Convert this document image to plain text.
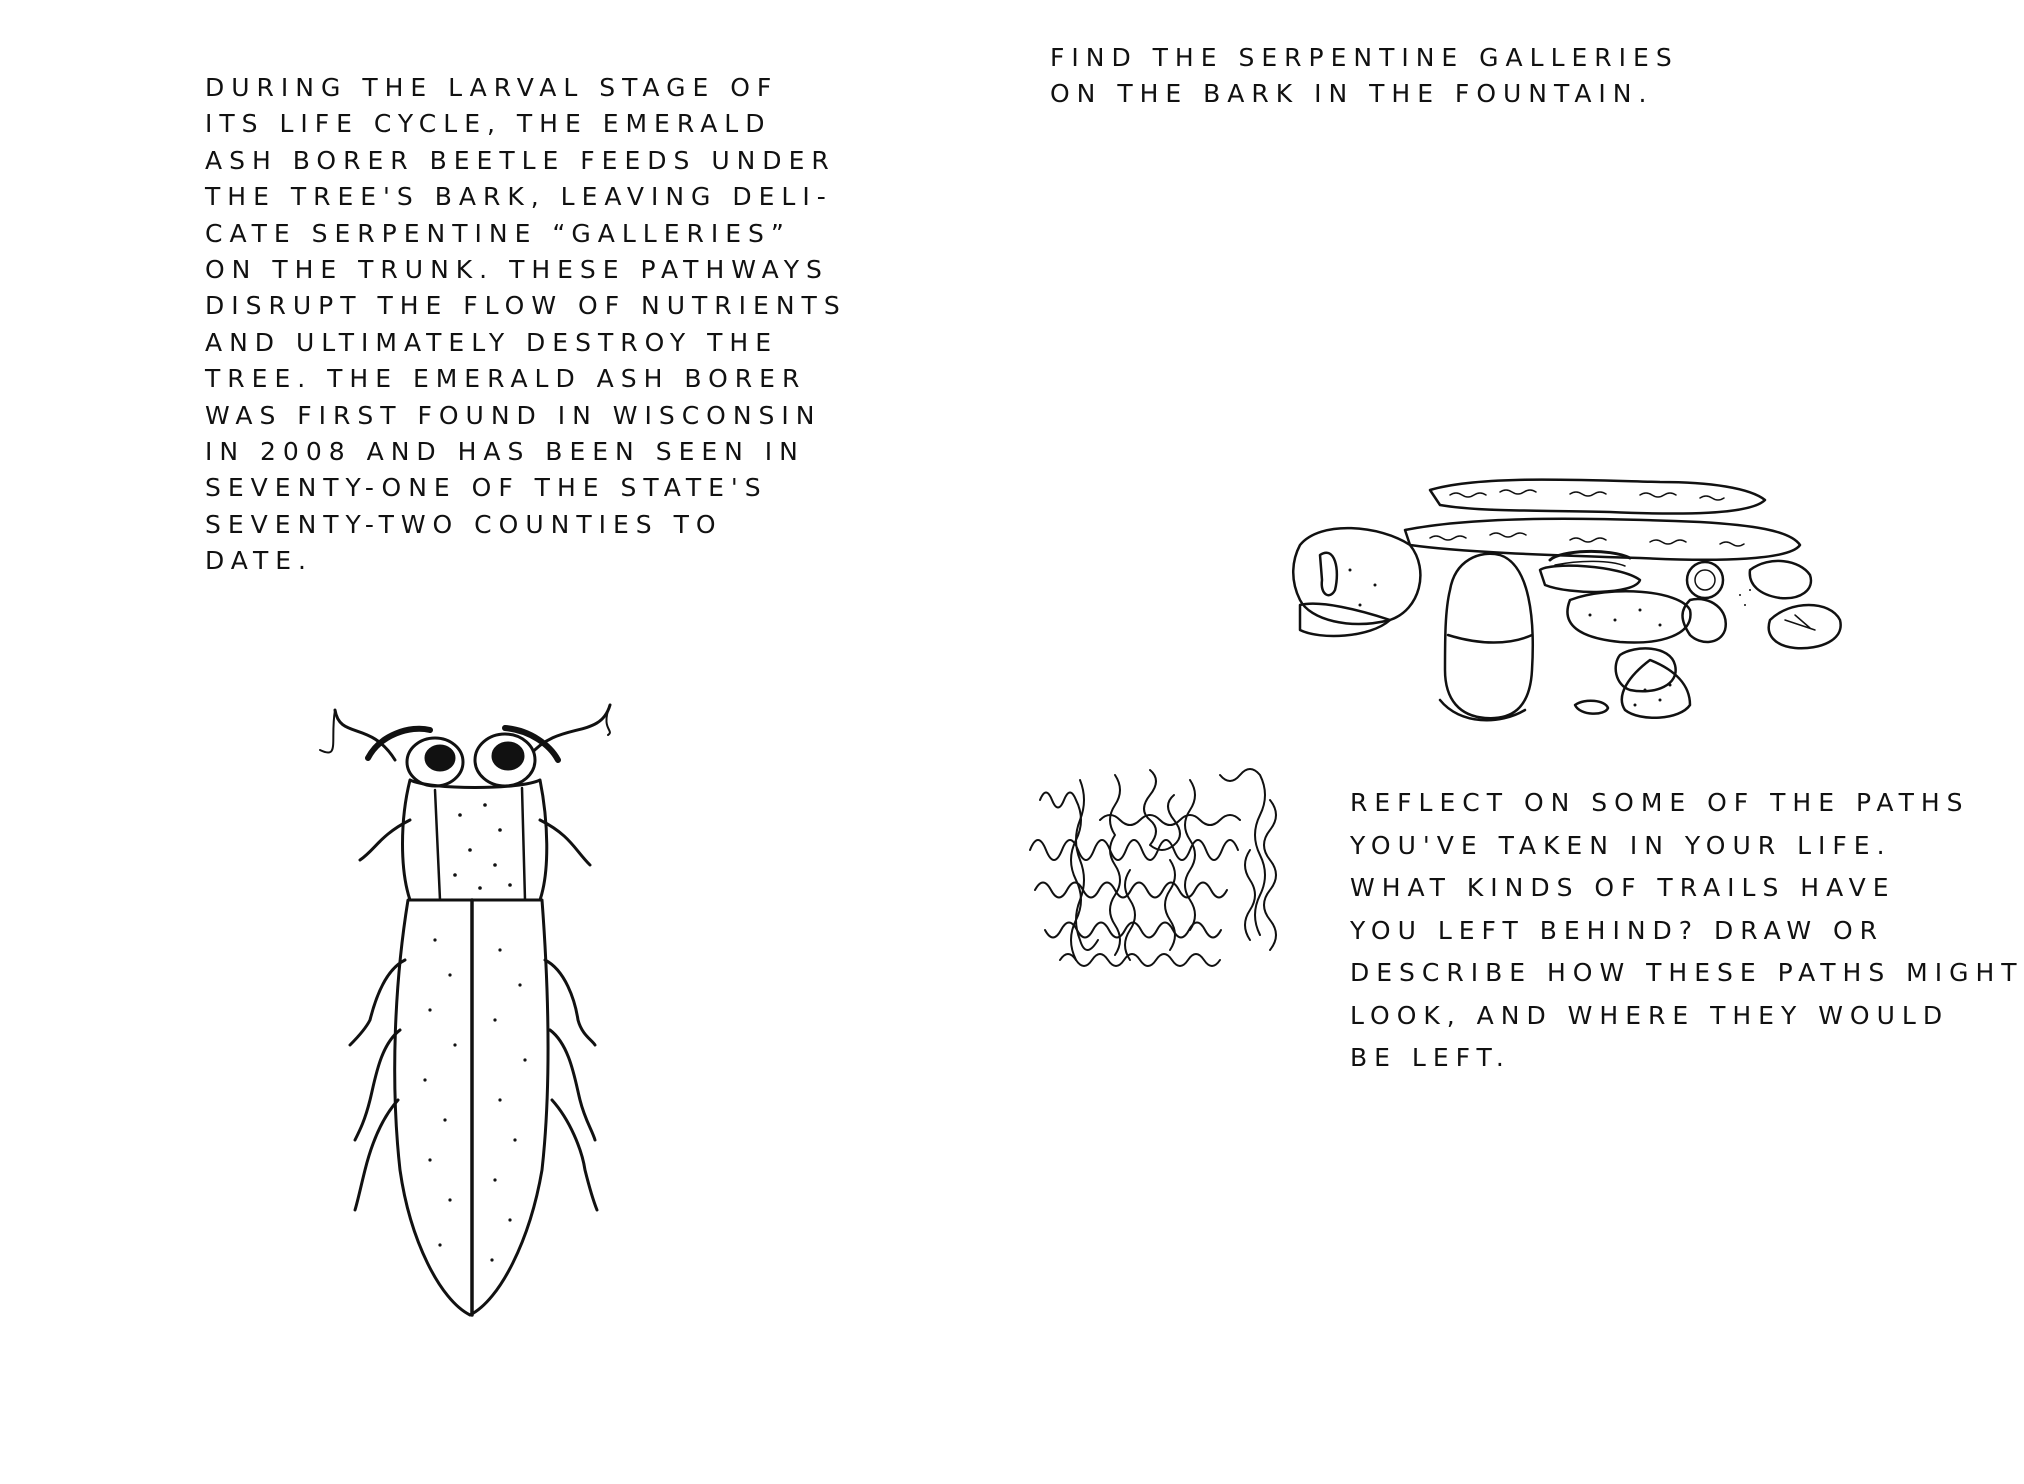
DURING THE LARVAL STAGE OF
ITS LIFE CYCLE, THE EMERALD
ASH BORER BEETLE FEEDS UNDER
THE TREE'S BARK, LEAVING DELI-
CATE SERPENTINE “GALLERIES”
ON THE TRUNK. THESE PATHWAYS
DISRUPT THE FLOW OF NUTRIENTS
AND ULTIMATELY DESTROY THE
TREE. THE EMERALD ASH BORER
WAS FIRST FOUND IN WISCONSIN
IN 2008 AND HAS BEEN SEEN IN
SEVENTY-ONE OF THE STATE'S
SEVENTY-TWO COUNTIES TO
DATE.
FIND THE SERPENTINE GALLERIES
ON THE BARK IN THE FOUNTAIN.
REFLECT ON SOME OF THE PATHS
YOU'VE TAKEN IN YOUR LIFE.
WHAT KINDS OF TRAILS HAVE
YOU LEFT BEHIND? DRAW OR
DESCRIBE HOW THESE PATHS MIGHT
LOOK, AND WHERE THEY WOULD
BE LEFT.
